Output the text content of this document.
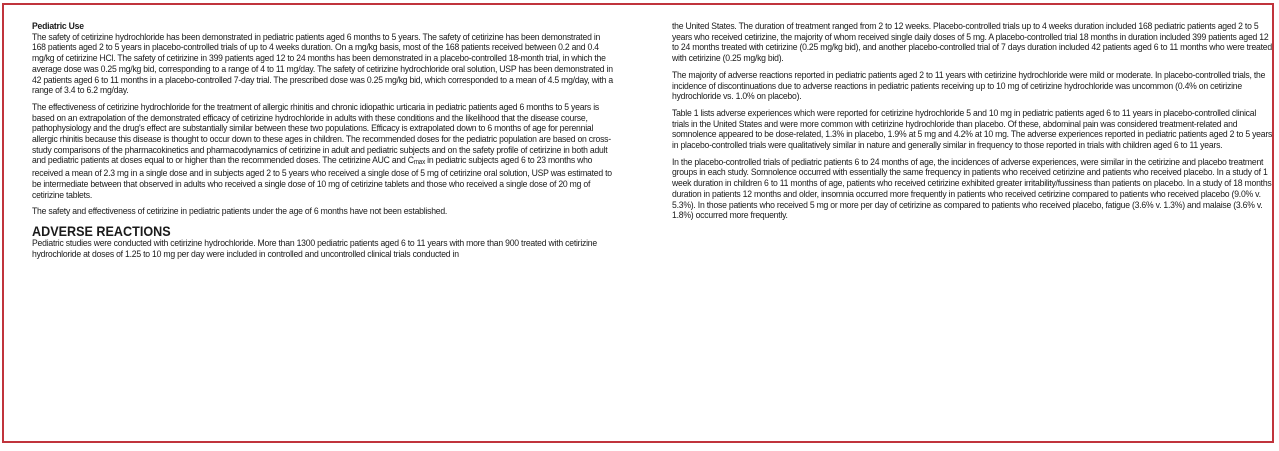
Pediatric Use
The safety of cetirizine hydrochloride has been demonstrated in pediatric patients aged 6 months to 5 years. The safety of cetirizine has been demonstrated in 168 patients aged 2 to 5 years in placebo-controlled trials of up to 4 weeks duration. On a mg/kg basis, most of the 168 patients received between 0.2 and 0.4 mg/kg of cetirizine HCl. The safety of cetirizine in 399 patients aged 12 to 24 months has been demonstrated in a placebo-controlled 18-month trial, in which the average dose was 0.25 mg/kg bid, corresponding to a range of 4 to 11 mg/day. The safety of cetirizine hydrochloride oral solution, USP has been demonstrated in 42 patients aged 6 to 11 months in a placebo-controlled 7-day trial. The prescribed dose was 0.25 mg/kg bid, which corresponded to a mean of 4.5 mg/day, with a range of 3.4 to 6.2 mg/day.

The effectiveness of cetirizine hydrochloride for the treatment of allergic rhinitis and chronic idiopathic urticaria in pediatric patients aged 6 months to 5 years is based on an extrapolation of the demonstrated efficacy of cetirizine hydrochloride in adults with these conditions and the likelihood that the disease course, pathophysiology and the drug's effect are substantially similar between these two populations. Efficacy is extrapolated down to 6 months of age for perennial allergic rhinitis because this disease is thought to occur down to these ages in children. The recommended doses for the pediatric population are based on cross-study comparisons of the pharmacokinetics and pharmacodynamics of cetirizine in adult and pediatric subjects and on the safety profile of cetirizine in both adult and pediatric patients at doses equal to or higher than the recommended doses. The cetirizine AUC and Cmax in pediatric subjects aged 6 to 23 months who received a mean of 2.3 mg in a single dose and in subjects aged 2 to 5 years who received a single dose of 5 mg of cetirizine oral solution, USP was estimated to be intermediate between that observed in adults who received a single dose of 10 mg of cetirizine tablets and those who received a single dose of 20 mg of cetirizine tablets.

The safety and effectiveness of cetirizine in pediatric patients under the age of 6 months have not been established.

ADVERSE REACTIONS

Pediatric studies were conducted with cetirizine hydrochloride. More than 1300 pediatric patients aged 6 to 11 years with more than 900 treated with cetirizine hydrochloride at doses of 1.25 to 10 mg per day were included in controlled and uncontrolled clinical trials conducted in

the United States. The duration of treatment ranged from 2 to 12 weeks. Placebo-controlled trials up to 4 weeks duration included 168 pediatric patients aged 2 to 5 years who received cetirizine, the majority of whom received single daily doses of 5 mg. A placebo-controlled trial 18 months in duration included 399 patients aged 12 to 24 months treated with cetirizine (0.25 mg/kg bid), and another placebo-controlled trial of 7 days duration included 42 patients aged 6 to 11 months who were treated with cetirizine (0.25 mg/kg bid).

The majority of adverse reactions reported in pediatric patients aged 2 to 11 years with cetirizine hydrochloride were mild or moderate. In placebo-controlled trials, the incidence of discontinuations due to adverse reactions in pediatric patients receiving up to 10 mg of cetirizine hydrochloride was uncommon (0.4% on cetirizine hydrochloride vs. 1.0% on placebo).

Table 1 lists adverse experiences which were reported for cetirizine hydrochloride 5 and 10 mg in pediatric patients aged 6 to 11 years in placebo-controlled clinical trials in the United States and were more common with cetirizine hydrochloride than placebo. Of these, abdominal pain was considered treatment-related and somnolence appeared to be dose-related, 1.3% in placebo, 1.9% at 5 mg and 4.2% at 10 mg. The adverse experiences reported in pediatric patients aged 2 to 5 years in placebo-controlled trials were qualitatively similar in nature and generally similar in frequency to those reported in trials with children aged 6 to 11 years.

In the placebo-controlled trials of pediatric patients 6 to 24 months of age, the incidences of adverse experiences, were similar in the cetirizine and placebo treatment groups in each study. Somnolence occurred with essentially the same frequency in patients who received cetirizine and patients who received placebo. In a study of 1 week duration in children 6 to 11 months of age, patients who received cetirizine exhibited greater irritability/fussiness than patients on placebo. In a study of 18 months duration in patients 12 months and older, insomnia occurred more frequently in patients who received cetirizine compared to patients who received placebo (9.0% v. 5.3%). In those patients who received 5 mg or more per day of cetirizine as compared to patients who received placebo, fatigue (3.6% v. 1.3%) and malaise (3.6% v. 1.8%) occurred more frequently.
